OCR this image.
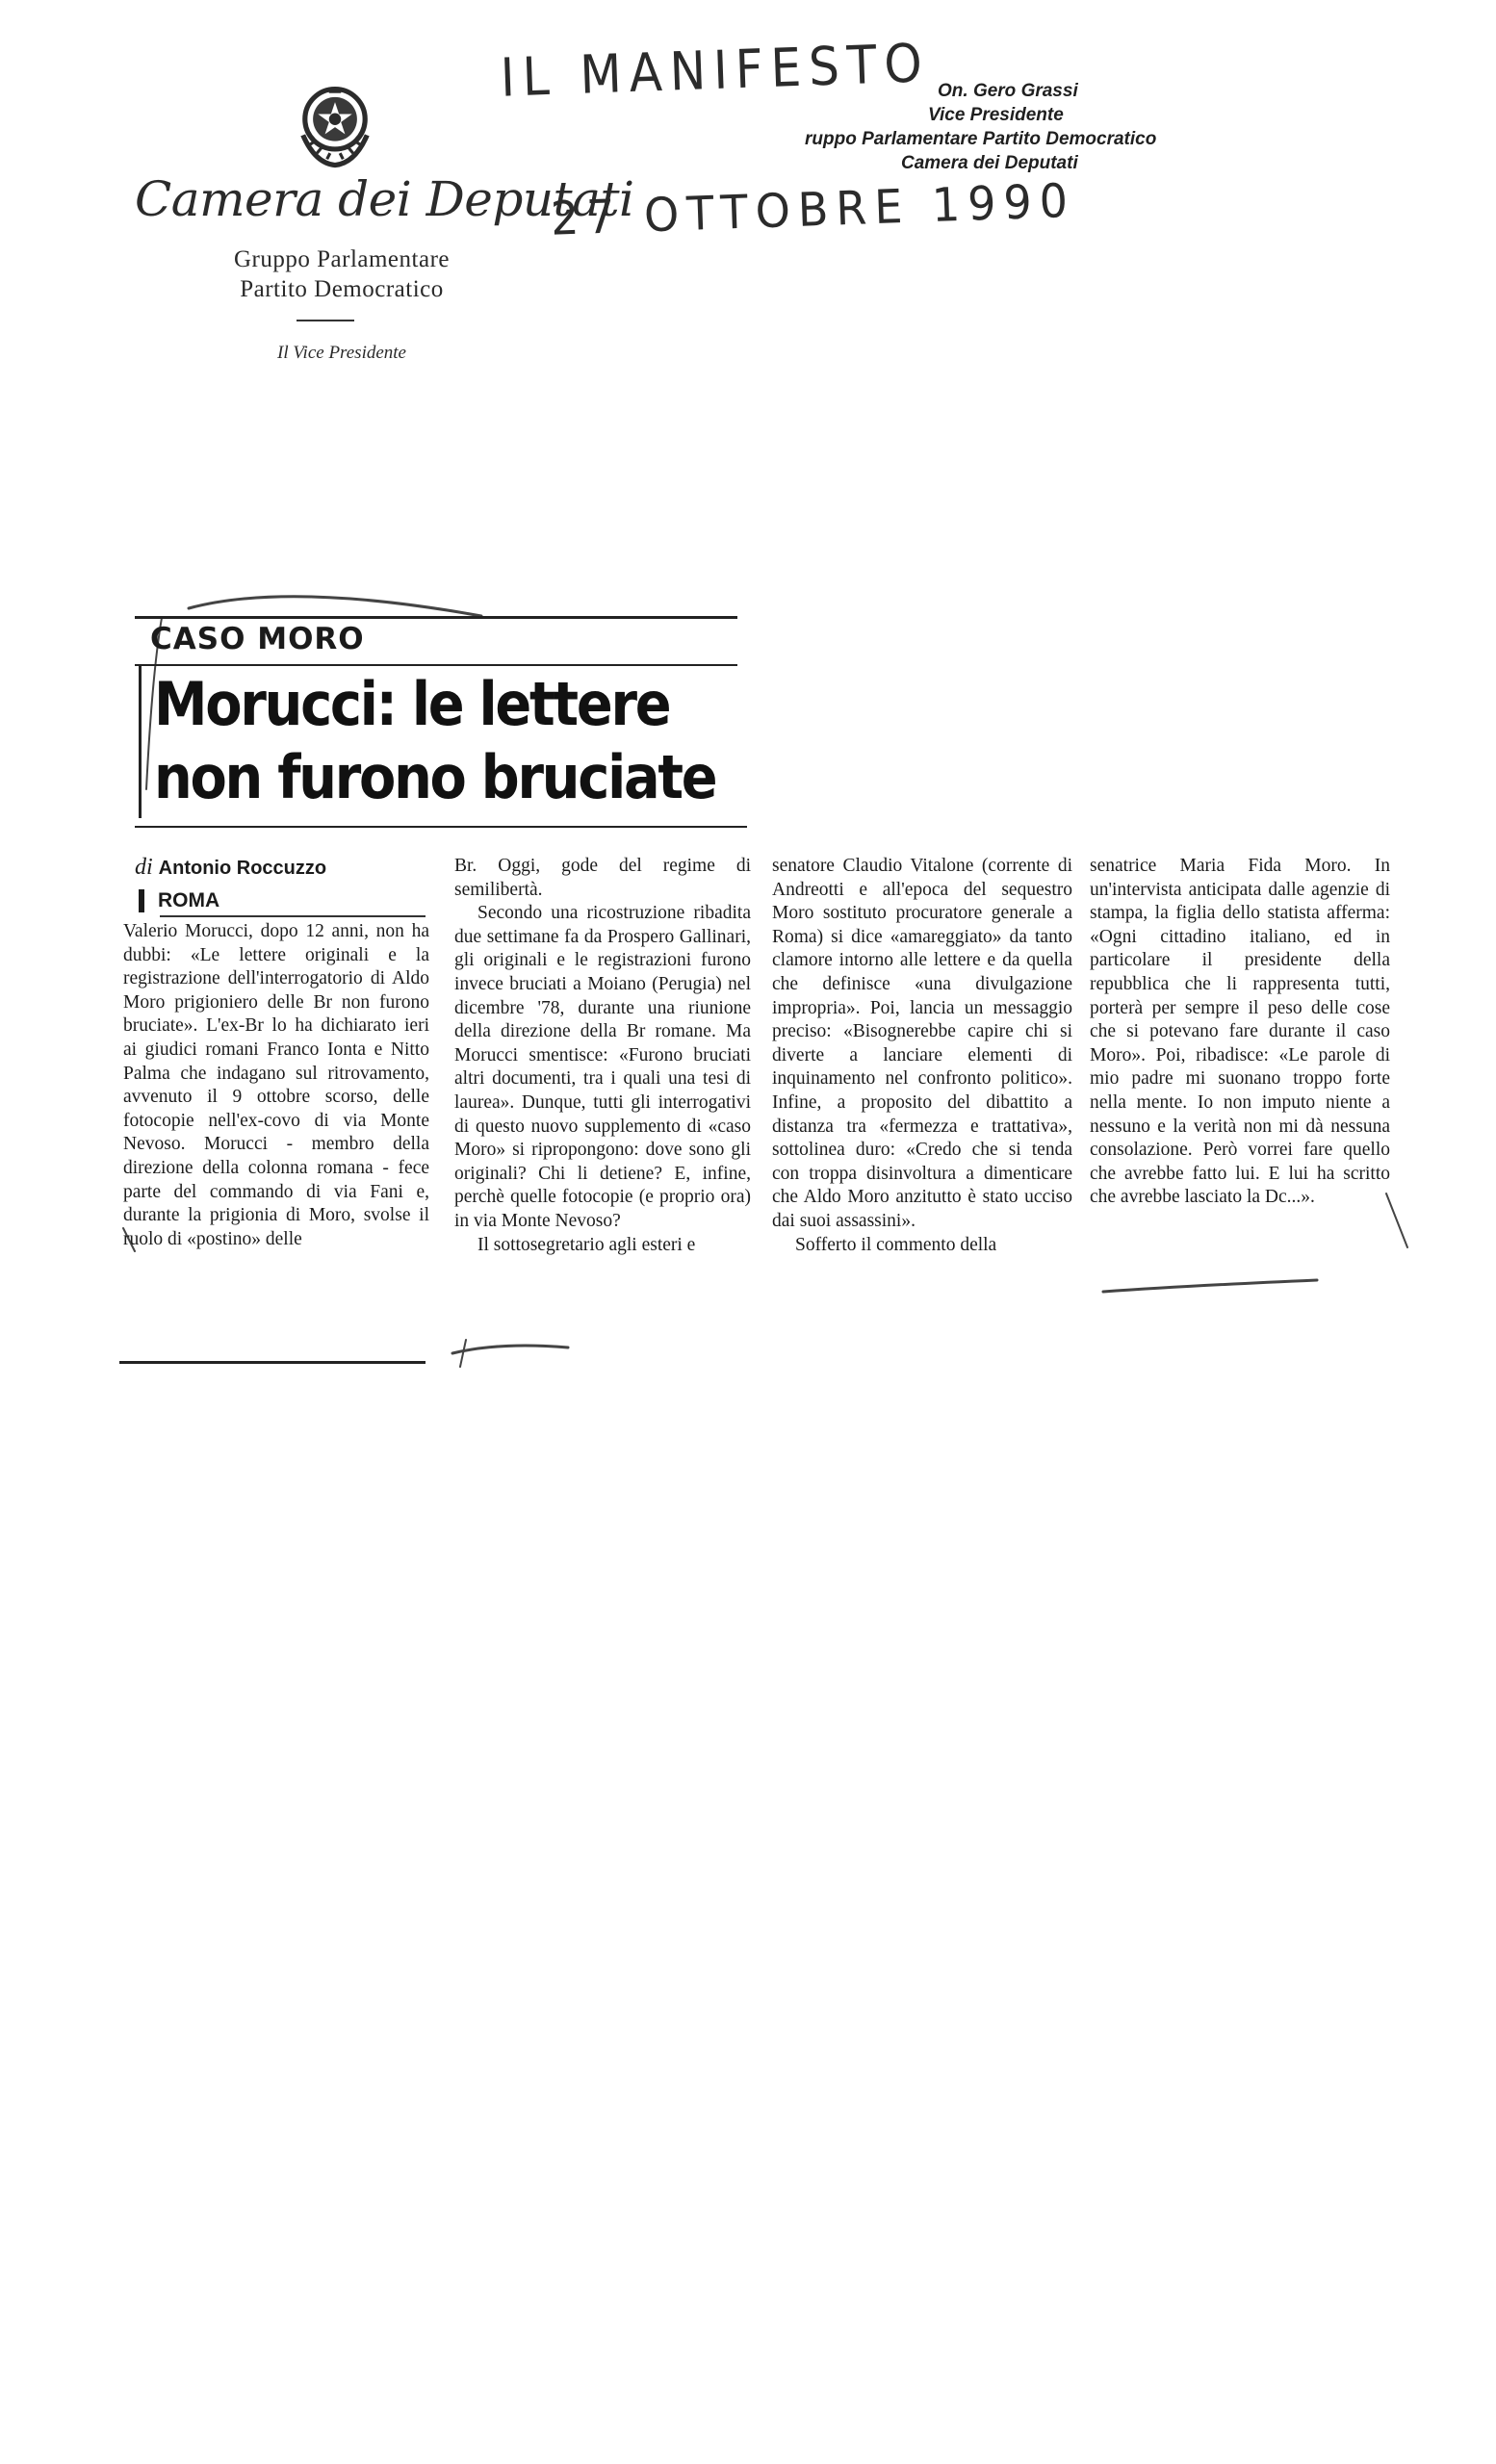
Camera dei Deputati
Gruppo Parlamentare
Partito Democratico
Il Vice Presidente
IL MANIFESTO
27 OTTOBRE 1990
On. Gero Grassi
Vice Presidente
ruppo Parlamentare Partito Democratico
Camera dei Deputati
CASO MORO
Morucci: le lettere
non furono bruciate
di Antonio Roccuzzo
ROMA

Valerio Morucci, dopo 12 anni, non ha dubbi: «Le lettere originali e la registrazione dell'interrogatorio di Aldo Moro prigioniero delle Br non furono bruciate». L'ex-Br lo ha dichiarato ieri ai giudici romani Franco Ionta e Nitto Palma che indagano sul ritrovamento, avvenuto il 9 ottobre scorso, delle fotocopie nell'ex-covo di via Monte Nevoso. Morucci - membro della direzione della colonna romana - fece parte del commando di via Fani e, durante la prigionia di Moro, svolse il ruolo di «postino» delle

Br. Oggi, gode del regime di semilibertà.

Secondo una ricostruzione ribadita due settimane fa da Prospero Gallinari, gli originali e le registrazioni furono invece bruciati a Moiano (Perugia) nel dicembre '78, durante una riunione della direzione della Br romane. Ma Morucci smentisce: «Furono bruciati altri documenti, tra i quali una tesi di laurea». Dunque, tutti gli interrogativi di questo nuovo supplemento di «caso Moro» si ripropongono: dove sono gli originali? Chi li detiene? E, infine, perchè quelle fotocopie (e proprio ora) in via Monte Nevoso?

Il sottosegretario agli esteri e

senatore Claudio Vitalone (corrente di Andreotti e all'epoca del sequestro Moro sostituto procuratore generale a Roma) si dice «amareggiato» da tanto clamore intorno alle lettere e da quella che definisce «una divulgazione impropria». Poi, lancia un messaggio preciso: «Bisognerebbe capire chi si diverte a lanciare elementi di inquinamento nel confronto politico». Infine, a proposito del dibattito a distanza tra «fermezza e trattativa», sottolinea duro: «Credo che si tenda con troppa disinvoltura a dimenticare che Aldo Moro anzitutto è stato ucciso dai suoi assassini».

Sofferto il commento della

senatrice Maria Fida Moro. In un'intervista anticipata dalle agenzie di stampa, la figlia dello statista afferma: «Ogni cittadino italiano, ed in particolare il presidente della repubblica che li rappresenta tutti, porterà per sempre il peso delle cose che si potevano fare durante il caso Moro». Poi, ribadisce: «Le parole di mio padre mi suonano troppo forte nella mente. Io non imputo niente a nessuno e la verità non mi dà nessuna consolazione. Però vorrei fare quello che avrebbe fatto lui. E lui ha scritto che avrebbe lasciato la Dc...».
